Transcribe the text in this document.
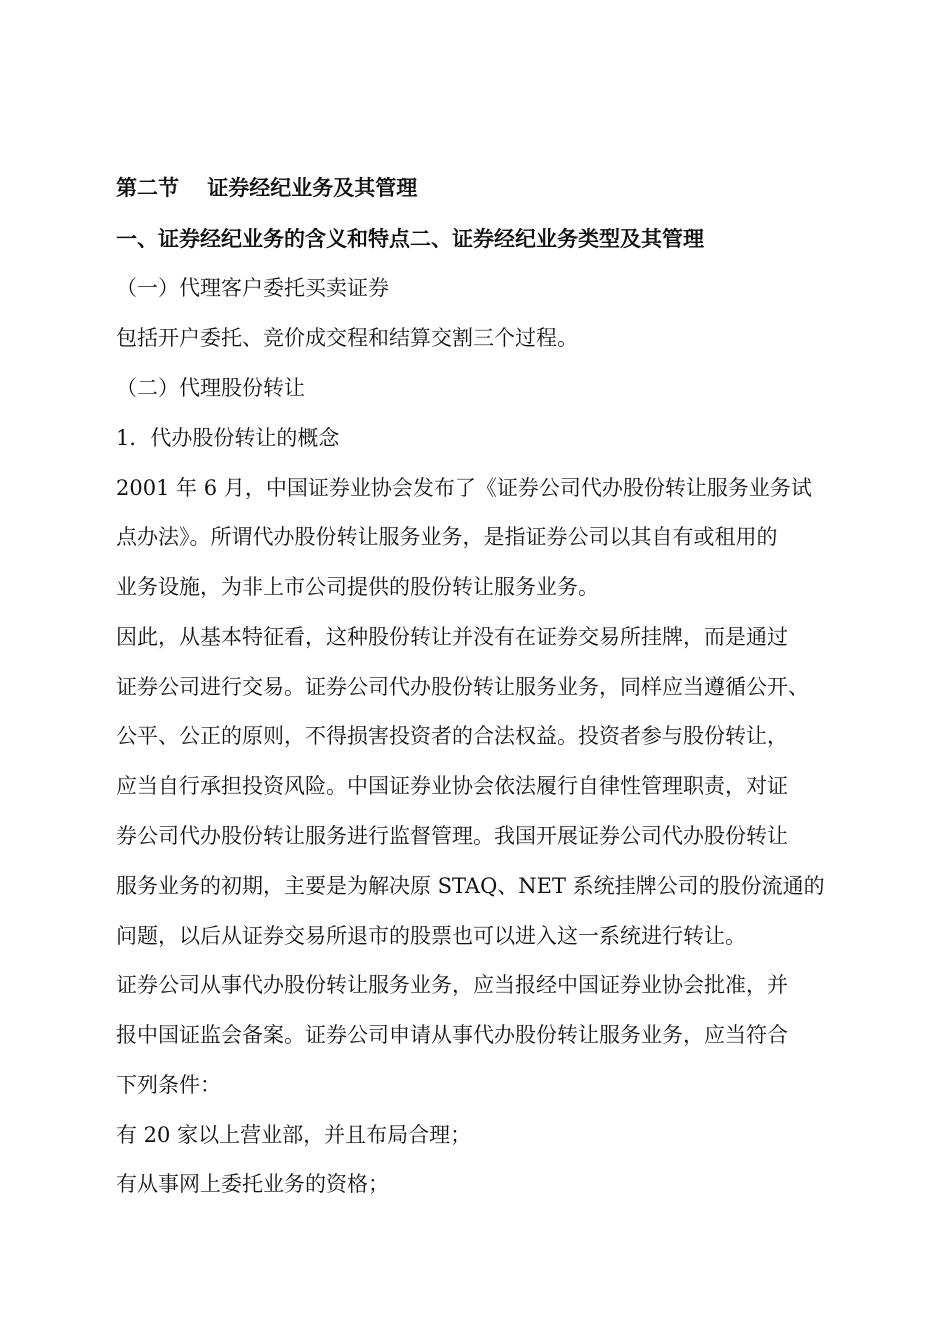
第二节　 证券经纪业务及其管理

一、证券经纪业务的含义和特点二、证券经纪业务类型及其管理

（一）代理客户委托买卖证券

包括开户委托、竞价成交程和结算交割三个过程。

（二）代理股份转让

1．代办股份转让的概念

2001 年 6 月，中国证券业协会发布了《证券公司代办股份转让服务业务试

点办法》。所谓代办股份转让服务业务，是指证券公司以其自有或租用的

业务设施，为非上市公司提供的股份转让服务业务。

因此，从基本特征看，这种股份转让并没有在证券交易所挂牌，而是通过

证券公司进行交易。证券公司代办股份转让服务业务，同样应当遵循公开、

公平、公正的原则，不得损害投资者的合法权益。投资者参与股份转让，

应当自行承担投资风险。中国证券业协会依法履行自律性管理职责，对证

券公司代办股份转让服务进行监督管理。我国开展证券公司代办股份转让

服务业务的初期，主要是为解决原 STAQ、NET 系统挂牌公司的股份流通的

问题，以后从证券交易所退市的股票也可以进入这一系统进行转让。

证券公司从事代办股份转让服务业务，应当报经中国证券业协会批准，并

报中国证监会备案。证券公司申请从事代办股份转让服务业务，应当符合

下列条件：

有 20 家以上营业部，并且布局合理；

有从事网上委托业务的资格；
